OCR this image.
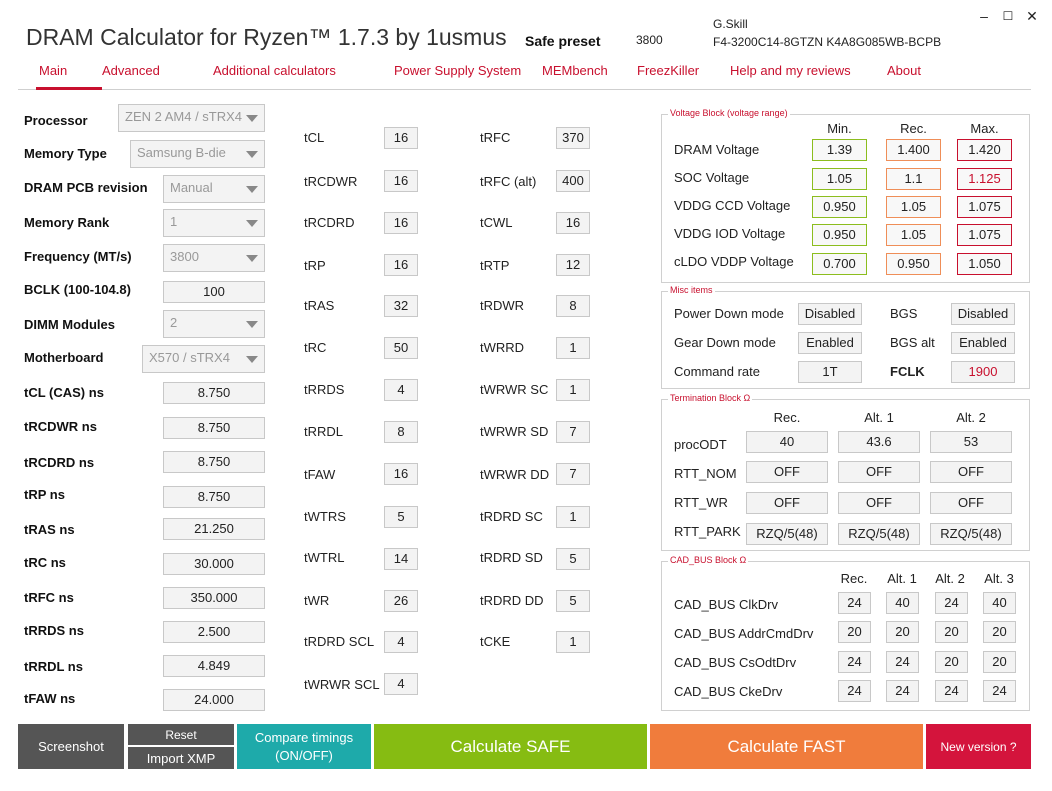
DRAM Calculator for Ryzen™ 1.7.3 by 1usmus Safe preset	3800
G.Skill
F4-3200C14-8GTZN K4A8G085WB-BCPB
–	☐ ✕
Main	Advanced	Additional calculators	Power Supply System MEMbench FreezKiller Help and my reviews	About
Processor	ZEN 2 AM4 / sTRX4
Memory Type	Samsung B-die
DRAM PCB revision	Manual
Memory Rank	1
Frequency (MT/s)	3800
BCLK (100-104.8)	100
DIMM Modules	2
Motherboard	X570 / sTRX4
tCL (CAS) ns	8.750
tRCDWR ns	8.750
tRCDRD ns	8.750
tRP ns	8.750
tRAS ns	21.250
tRC ns	30.000
tRFC ns	350.000
tRRDS ns	2.500
tRRDL ns	4.849
tFAW ns	24.000
tCL	16
tRCDWR	16
tRCDRD	16
tRP	16
tRAS	32
tRC	50
tRRDS	4
tRRDL	8
tFAW	16
tWTRS	5
tWTRL	14
tWR	26
tRDRD SCL	4
tWRWR SCL	4
tRFC	370
tRFC (alt)	400
tCWL	16
tRTP	12
tRDWR	8
tWRRD	1
tWRWR SC	1
tWRWR SD	7
tWRWR DD	7
tRDRD SC	1
tRDRD SD	5
tRDRD DD	5
tCKE	1
Voltage Block (voltage range)
Min.	Rec.	Max.
DRAM Voltage	1.39	1.400	1.420
SOC Voltage	1.05	1.1	1.125
VDDG CCD Voltage	0.950	1.05	1.075
VDDG IOD Voltage	0.950	1.05	1.075
cLDO VDDP Voltage	0.700	0.950	1.050
Misc items
Power Down mode	Disabled
Gear Down mode	Enabled
Command rate	1T
BGS	Disabled
BGS alt	Enabled
FCLK	1900
Termination Block Ω
Rec.	Alt. 1	Alt. 2
procODT	40	43.6	53
RTT_NOM	OFF	OFF	OFF
RTT_WR	OFF	OFF	OFF
RTT_PARK	RZQ/5(48)	RZQ/5(48)	RZQ/5(48)
CAD_BUS Block Ω
Rec.	Alt. 1	Alt. 2	Alt. 3
CAD_BUS ClkDrv	24	40	24	40
CAD_BUS AddrCmdDrv	20	20	20	20
CAD_BUS CsOdtDrv	24	24	20	20
CAD_BUS CkeDrv	24	24	24	24
Screenshot
Reset
Import XMP
Compare timings
(ON/OFF)	Calculate SAFE	Calculate FAST	New version ?
